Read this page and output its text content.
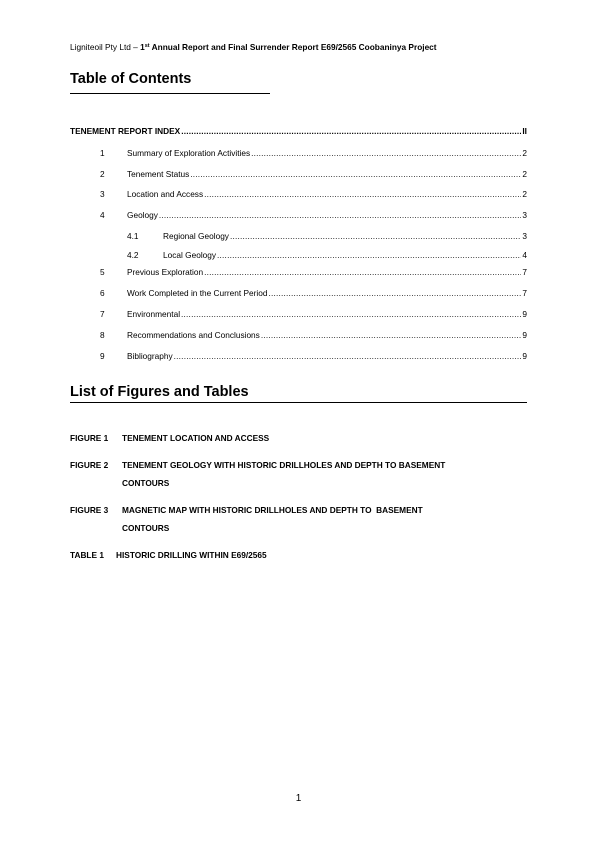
Ligniteoil Pty Ltd – 1st Annual Report and Final Surrender Report E69/2565 Coobaninya Project
Table of Contents
TENEMENT REPORT INDEX .....	II
1	Summary of Exploration Activities .....	2
2	Tenement Status .....	2
3	Location and Access .....	2
4	Geology .....	3
4.1	Regional Geology .....	3
4.2	Local Geology .....	4
5	Previous Exploration .....	7
6	Work Completed in the Current Period .....	7
7	Environmental .....	9
8	Recommendations and Conclusions .....	9
9	Bibliography .....	9
List of Figures and Tables
FIGURE 1 TENEMENT LOCATION AND ACCESS
FIGURE 2 TENEMENT GEOLOGY WITH HISTORIC DRILLHOLES AND DEPTH TO BASEMENT
CONTOURS
FIGURE 3 MAGNETIC MAP WITH HISTORIC DRILLHOLES AND DEPTH TO  BASEMENT
CONTOURS
TABLE 1 HISTORIC DRILLING WITHIN E69/2565
1
